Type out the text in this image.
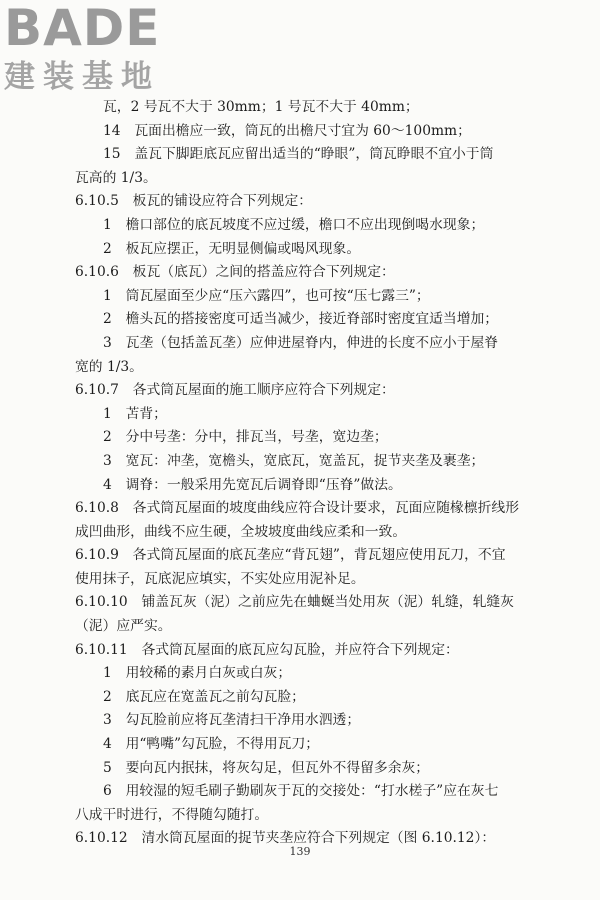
BADE
建装基地
瓦，2 号瓦不大于 30mm；1 号瓦不大于 40mm；
14　瓦面出檐应一致，筒瓦的出檐尺寸宜为 60～100mm；
15　盖瓦下脚距底瓦应留出适当的“睁眼”，筒瓦睁眼不宜小于筒
瓦高的 1/3。
6.10.5　板瓦的铺设应符合下列规定：
1　檐口部位的底瓦坡度不应过缓，檐口不应出现倒喝水现象；
2　板瓦应摆正，无明显侧偏或喝风现象。
6.10.6　板瓦（底瓦）之间的搭盖应符合下列规定：
1　筒瓦屋面至少应“压六露四”，也可按“压七露三”；
2　檐头瓦的搭接密度可适当减少，接近脊部时密度宜适当增加；
3　瓦垄（包括盖瓦垄）应伸进屋脊内，伸进的长度不应小于屋脊
宽的 1/3。
6.10.7　各式筒瓦屋面的施工顺序应符合下列规定：
1　苫背；
2　分中号垄：分中，排瓦当，号垄，宽边垄；
3　宽瓦：冲垄，宽檐头，宽底瓦，宽盖瓦，捉节夹垄及裹垄；
4　调脊：一般采用先宽瓦后调脊即“压脊”做法。
6.10.8　各式筒瓦屋面的坡度曲线应符合设计要求，瓦面应随椽檩折线形
成凹曲形，曲线不应生硬，全坡坡度曲线应柔和一致。
6.10.9　各式筒瓦屋面的底瓦垄应“背瓦翅”，背瓦翅应使用瓦刀，不宜
使用抹子，瓦底泥应填实，不实处应用泥补足。
6.10.10　铺盖瓦灰（泥）之前应先在蛐蜒当处用灰（泥）轧缝，轧缝灰
（泥）应严实。
6.10.11　各式筒瓦屋面的底瓦应勾瓦脸，并应符合下列规定：
1　用较稀的素月白灰或白灰；
2　底瓦应在宽盖瓦之前勾瓦脸；
3　勾瓦脸前应将瓦垄清扫干净用水泗透；
4　用“鸭嘴”勾瓦脸，不得用瓦刀；
5　要向瓦内抿抹，将灰勾足，但瓦外不得留多余灰；
6　用较湿的短毛刷子勤刷灰于瓦的交接处：“打水槎子”应在灰七
八成干时进行，不得随勾随打。
6.10.12　清水筒瓦屋面的捉节夹垄应符合下列规定（图 6.10.12）：
139
